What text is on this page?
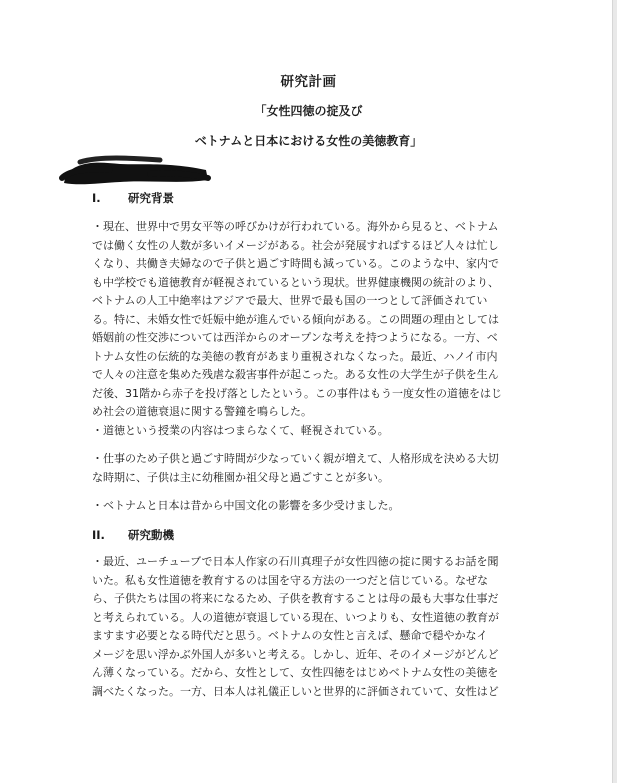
研究計画
「女性四徳の掟及び
ベトナムと日本における女性の美徳教育」
I. 研究背景
・現在、世界中で男女平等の呼びかけが行われている。海外から見ると、ベトナム
では働く女性の人数が多いイメージがある。社会が発展すればするほど人々は忙し
くなり、共働き夫婦なので子供と過ごす時間も減っている。このような中、家内で
も中学校でも道徳教育が軽視されているという現状。世界健康機関の統計のより、
ベトナムの人工中絶率はアジアで最大、世界で最も国の一つとして評価されてい
る。特に、未婚女性で妊娠中絶が進んでいる傾向がある。この問題の理由としては
婚姻前の性交渉については西洋からのオープンな考えを持つようになる。一方、ベ
トナム女性の伝統的な美徳の教育があまり重視されなくなった。最近、ハノイ市内
で人々の注意を集めた残虐な殺害事件が起こった。ある女性の大学生が子供を生ん
だ後、31階から赤子を投げ落としたという。この事件はもう一度女性の道徳をはじ
め社会の道徳衰退に関する警鐘を鳴らした。
・道徳という授業の内容はつまらなくて、軽視されている。
・仕事のため子供と過ごす時間が少なっていく親が増えて、人格形成を決める大切
な時期に、子供は主に幼稚園か祖父母と過ごすことが多い。
・ベトナムと日本は昔から中国文化の影響を多少受けました。
II. 研究動機
・最近、ユーチューブで日本人作家の石川真理子が女性四徳の掟に関するお話を聞
いた。私も女性道徳を教育するのは国を守る方法の一つだと信じている。なぜな
ら、子供たちは国の将来になるため、子供を教育することは母の最も大事な仕事だ
と考えられている。人の道徳が衰退している現在、いつよりも、女性道徳の教育が
ますます必要となる時代だと思う。ベトナムの女性と言えば、懸命で穏やかなイ
メージを思い浮かぶ外国人が多いと考える。しかし、近年、そのイメージがどんど
ん薄くなっている。だから、女性として、女性四徳をはじめベトナム女性の美徳を
調べたくなった。一方、日本人は礼儀正しいと世界的に評価されていて、女性はど
